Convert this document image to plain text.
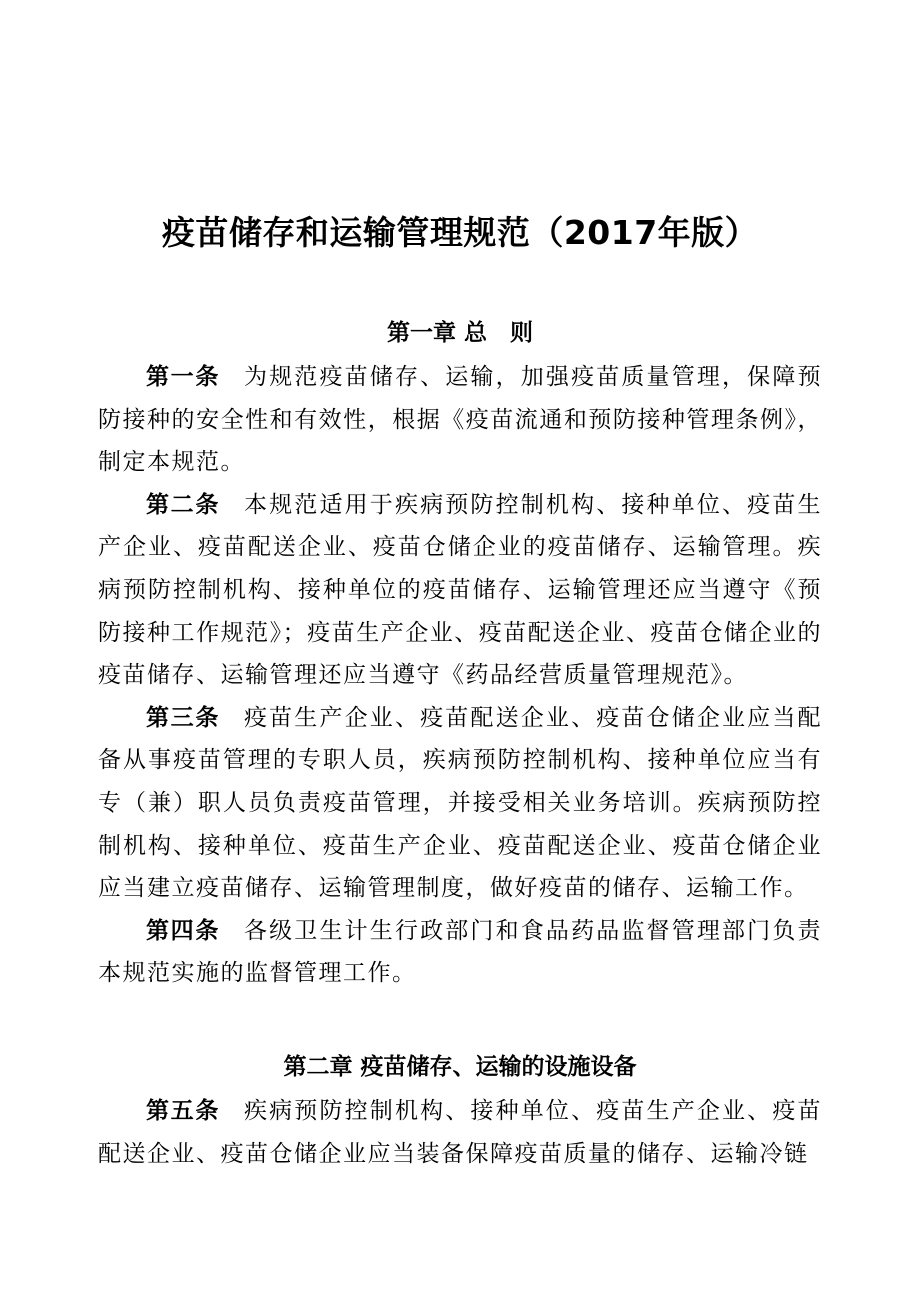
疫苗储存和运输管理规范（2017年版）
第一章 总　则

第一条 为规范疫苗储存、运输，加强疫苗质量管理，保障预防接种的安全性和有效性，根据《疫苗流通和预防接种管理条例》，制定本规范。

第二条 本规范适用于疾病预防控制机构、接种单位、疫苗生产企业、疫苗配送企业、疫苗仓储企业的疫苗储存、运输管理。疾病预防控制机构、接种单位的疫苗储存、运输管理还应当遵守《预防接种工作规范》；疫苗生产企业、疫苗配送企业、疫苗仓储企业的疫苗储存、运输管理还应当遵守《药品经营质量管理规范》。

第三条 疫苗生产企业、疫苗配送企业、疫苗仓储企业应当配备从事疫苗管理的专职人员，疾病预防控制机构、接种单位应当有专（兼）职人员负责疫苗管理，并接受相关业务培训。疾病预防控制机构、接种单位、疫苗生产企业、疫苗配送企业、疫苗仓储企业应当建立疫苗储存、运输管理制度，做好疫苗的储存、运输工作。

第四条 各级卫生计生行政部门和食品药品监督管理部门负责本规范实施的监督管理工作。

第二章 疫苗储存、运输的设施设备

第五条 疾病预防控制机构、接种单位、疫苗生产企业、疫苗配送企业、疫苗仓储企业应当装备保障疫苗质量的储存、运输冷链
